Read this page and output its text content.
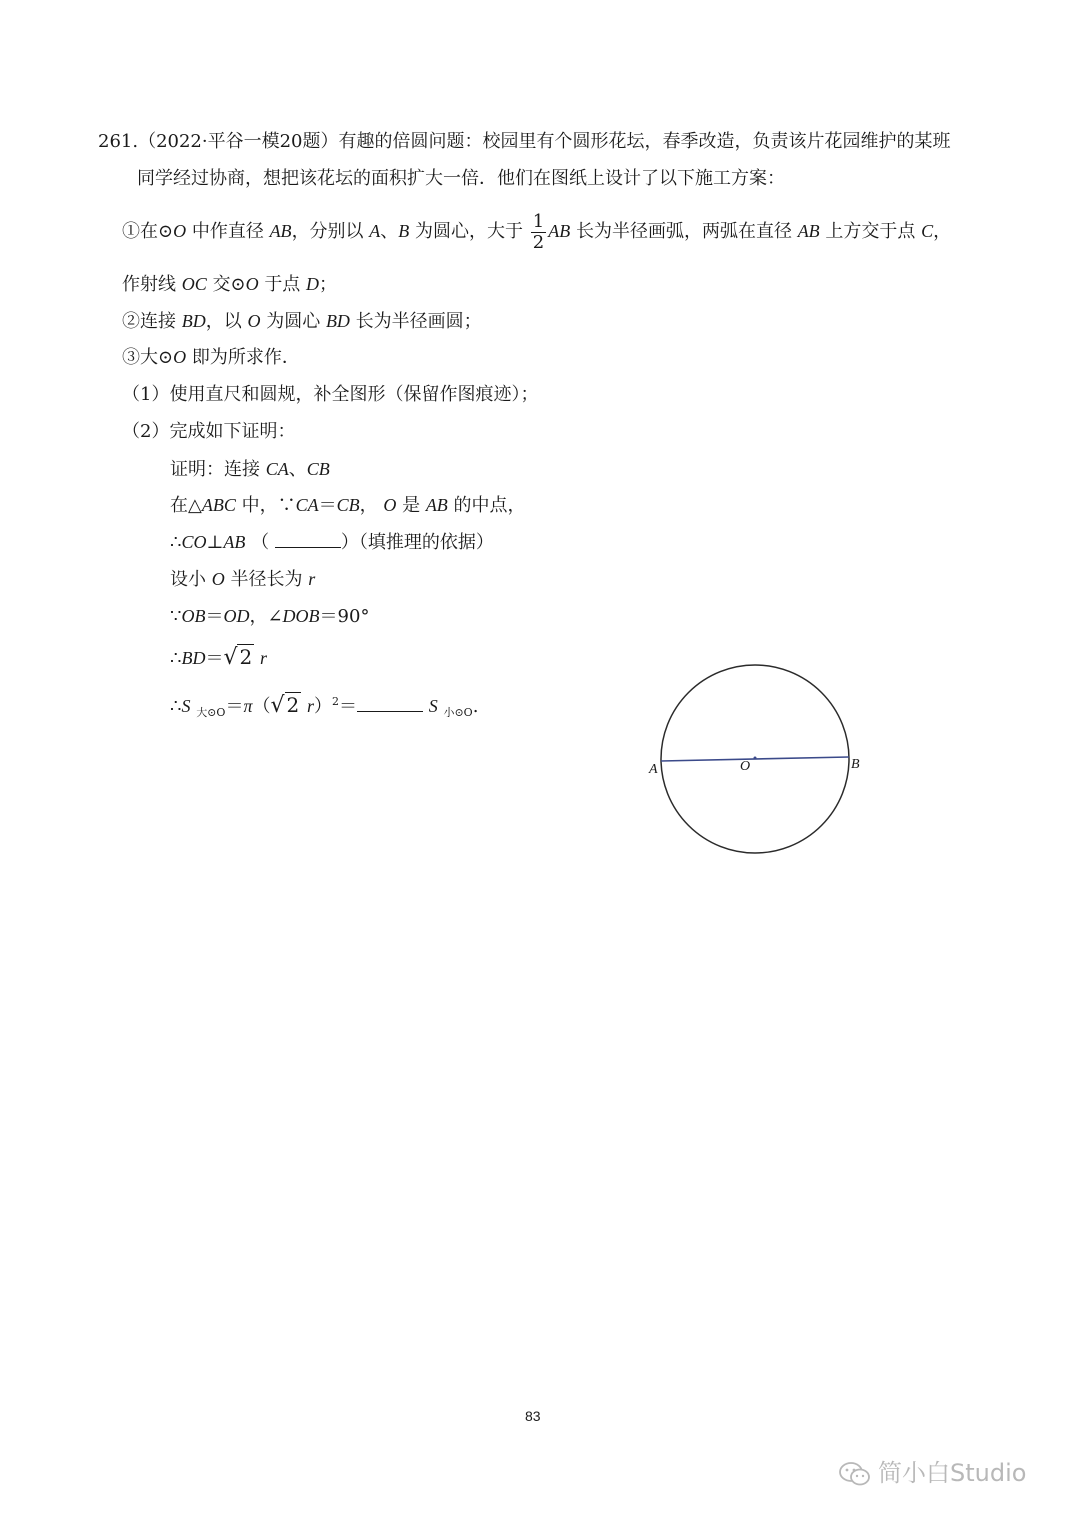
261.（2022·平谷一模20题）有趣的倍圆问题：校园里有个圆形花坛，春季改造，负责该片花园维护的某班
同学经过协商，想把该花坛的面积扩大一倍．他们在图纸上设计了以下施工方案：
①在⊙O 中作直径 AB，分别以 A、B 为圆心，大于 $\frac{1}{2}$ AB 长为半径画弧，两弧在直径 AB 上方交于点 C，
作射线 OC 交⊙O 于点 D；
②连接 BD，以 O 为圆心 BD 长为半径画圆；
③大⊙O 即为所求作．
（1）使用直尺和圆规，补全图形（保留作图痕迹）；
（2）完成如下证明：
证明：连接 CA、CB
在△ABC 中，∵CA＝CB， O 是 AB 的中点，
∴CO⊥AB （	）（填推理的依据）
设小 O 半径长为 r
∵OB＝OD，∠DOB＝90°
∴BD＝√ 2 r
∴S $_{大⊙O}$＝π（√ 2 r）$^2$＝	S $_{小⊙O}$.
A	O	B
83
简小白Studio
